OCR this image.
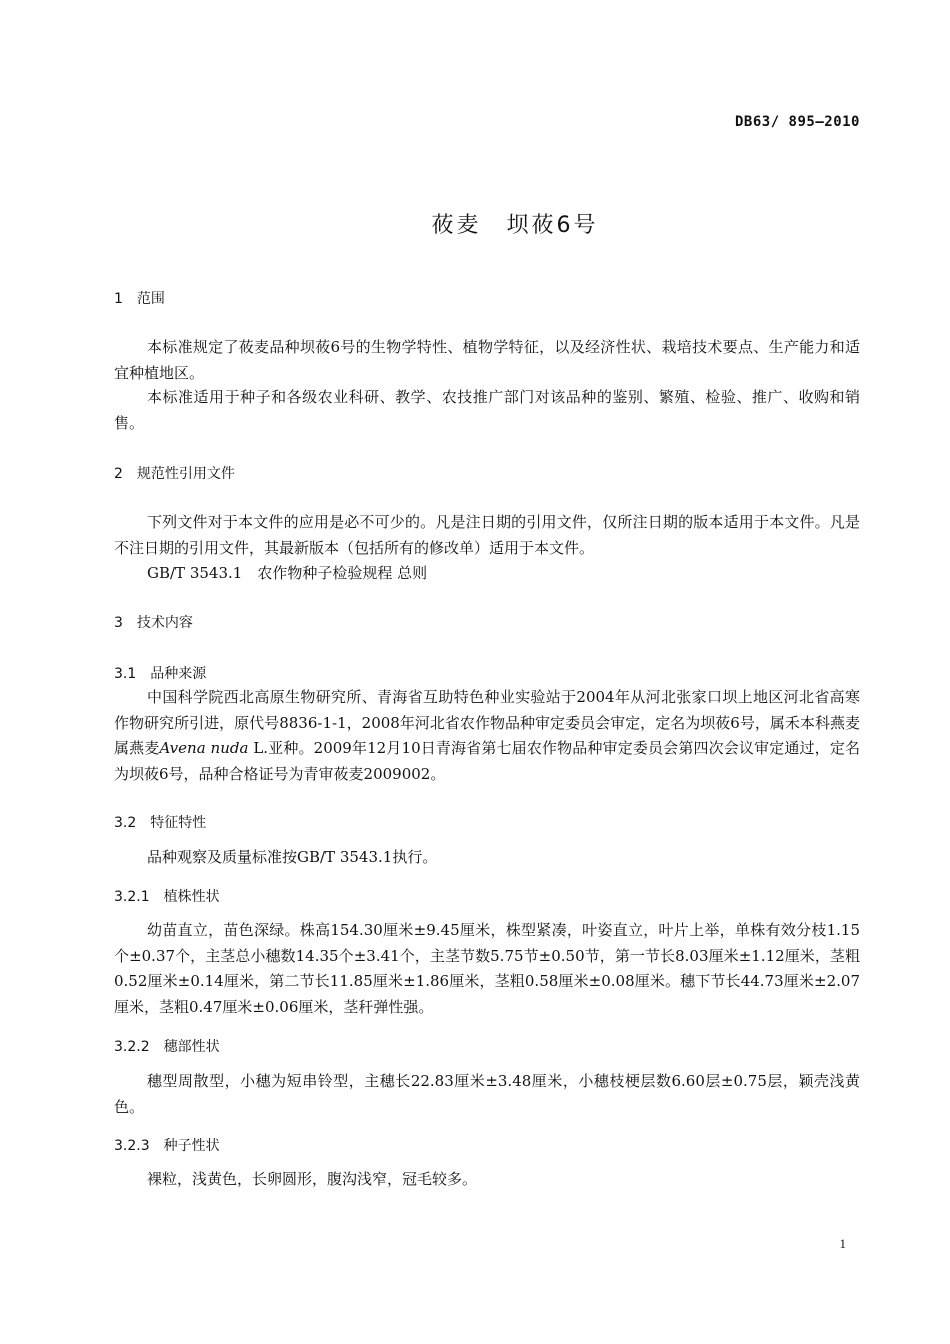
DB63/ 895—2010
莜麦　坝莜6号
1　范围

本标准规定了莜麦品种坝莜6号的生物学特性、植物学特征，以及经济性状、栽培技术要点、生产能力和适宜种植地区。

本标准适用于种子和各级农业科研、教学、农技推广部门对该品种的鉴别、繁殖、检验、推广、收购和销售。

2　规范性引用文件

下列文件对于本文件的应用是必不可少的。凡是注日期的引用文件，仅所注日期的版本适用于本文件。凡是不注日期的引用文件，其最新版本（包括所有的修改单）适用于本文件。

GB/T 3543.1　农作物种子检验规程 总则

3　技术内容
3.1　品种来源

中国科学院西北高原生物研究所、青海省互助特色种业实验站于2004年从河北张家口坝上地区河北省高寒作物研究所引进，原代号8836-1-1，2008年河北省农作物品种审定委员会审定，定名为坝莜6号，属禾本科燕麦属燕麦Avena nuda L.亚种。2009年12月10日青海省第七届农作物品种审定委员会第四次会议审定通过，定名为坝莜6号，品种合格证号为青审莜麦2009002。

3.2　特征特性

品种观察及质量标准按GB/T 3543.1执行。

3.2.1　植株性状

幼苗直立，苗色深绿。株高154.30厘米±9.45厘米，株型紧凑，叶姿直立，叶片上举，单株有效分枝1.15个±0.37个，主茎总小穗数14.35个±3.41个，主茎节数5.75节±0.50节，第一节长8.03厘米±1.12厘米，茎粗0.52厘米±0.14厘米，第二节长11.85厘米±1.86厘米，茎粗0.58厘米±0.08厘米。穗下节长44.73厘米±2.07厘米，茎粗0.47厘米±0.06厘米，茎秆弹性强。

3.2.2　穗部性状

穗型周散型，小穗为短串铃型，主穗长22.83厘米±3.48厘米，小穗枝梗层数6.60层±0.75层，颖壳浅黄色。

3.2.3　种子性状

裸粒，浅黄色，长卵圆形，腹沟浅窄，冠毛较多。

1
